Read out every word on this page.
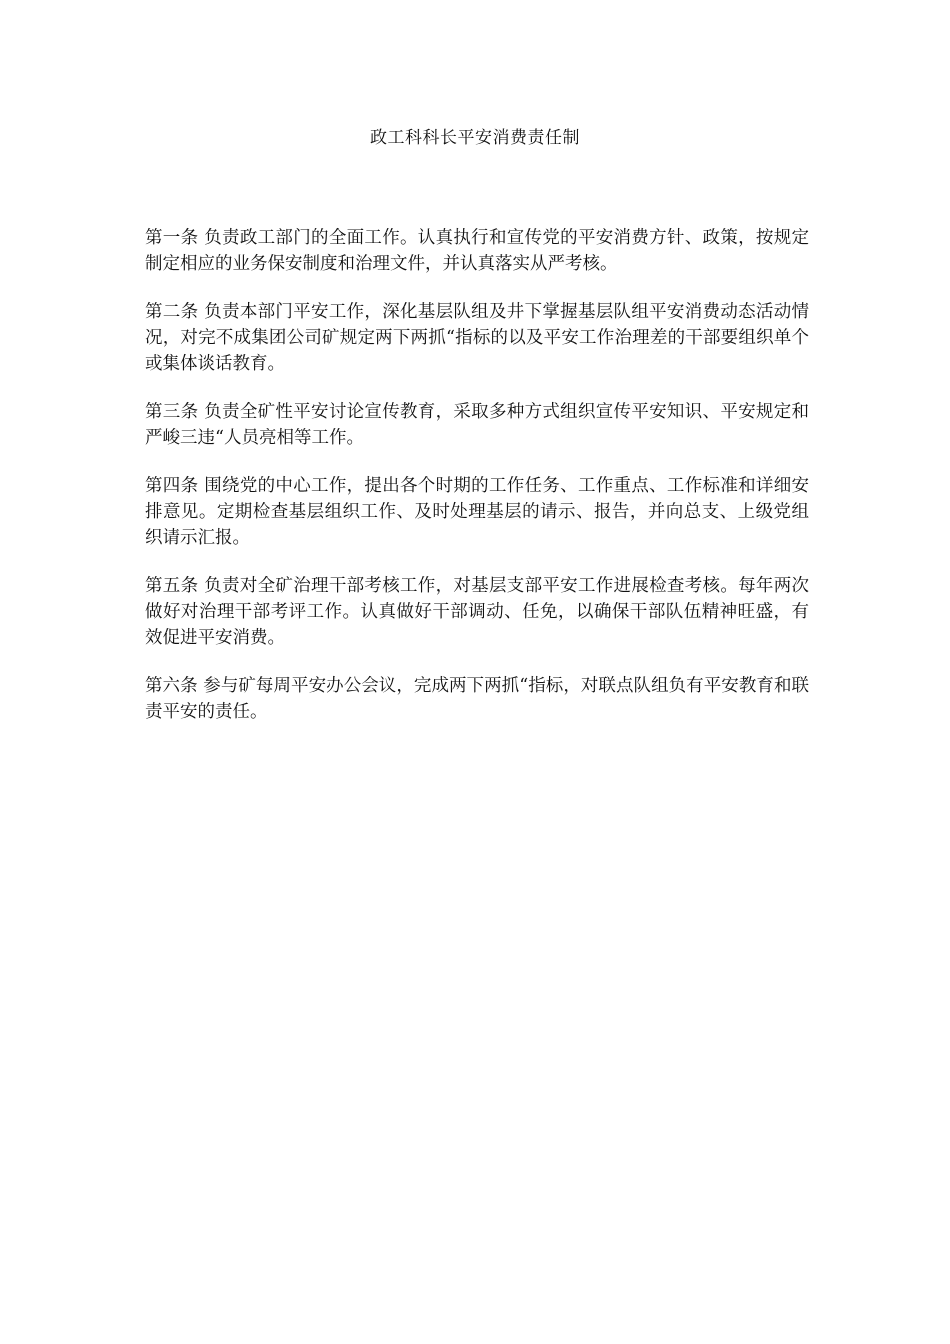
政工科科长平安消费责任制

第一条 负责政工部门的全面工作。认真执行和宣传党的平安消费方针、政策，按规定制定相应的业务保安制度和治理文件，并认真落实从严考核。

第二条 负责本部门平安工作，深化基层队组及井下掌握基层队组平安消费动态活动情况，对完不成集团公司矿规定两下两抓“指标的以及平安工作治理差的干部要组织单个或集体谈话教育。

第三条 负责全矿性平安讨论宣传教育，采取多种方式组织宣传平安知识、平安规定和严峻三违“人员亮相等工作。

第四条 围绕党的中心工作，提出各个时期的工作任务、工作重点、工作标准和详细安排意见。定期检查基层组织工作、及时处理基层的请示、报告，并向总支、上级党组织请示汇报。

第五条 负责对全矿治理干部考核工作，对基层支部平安工作进展检查考核。每年两次做好对治理干部考评工作。认真做好干部调动、任免，以确保干部队伍精神旺盛，有效促进平安消费。

第六条 参与矿每周平安办公会议，完成两下两抓“指标，对联点队组负有平安教育和联责平安的责任。
